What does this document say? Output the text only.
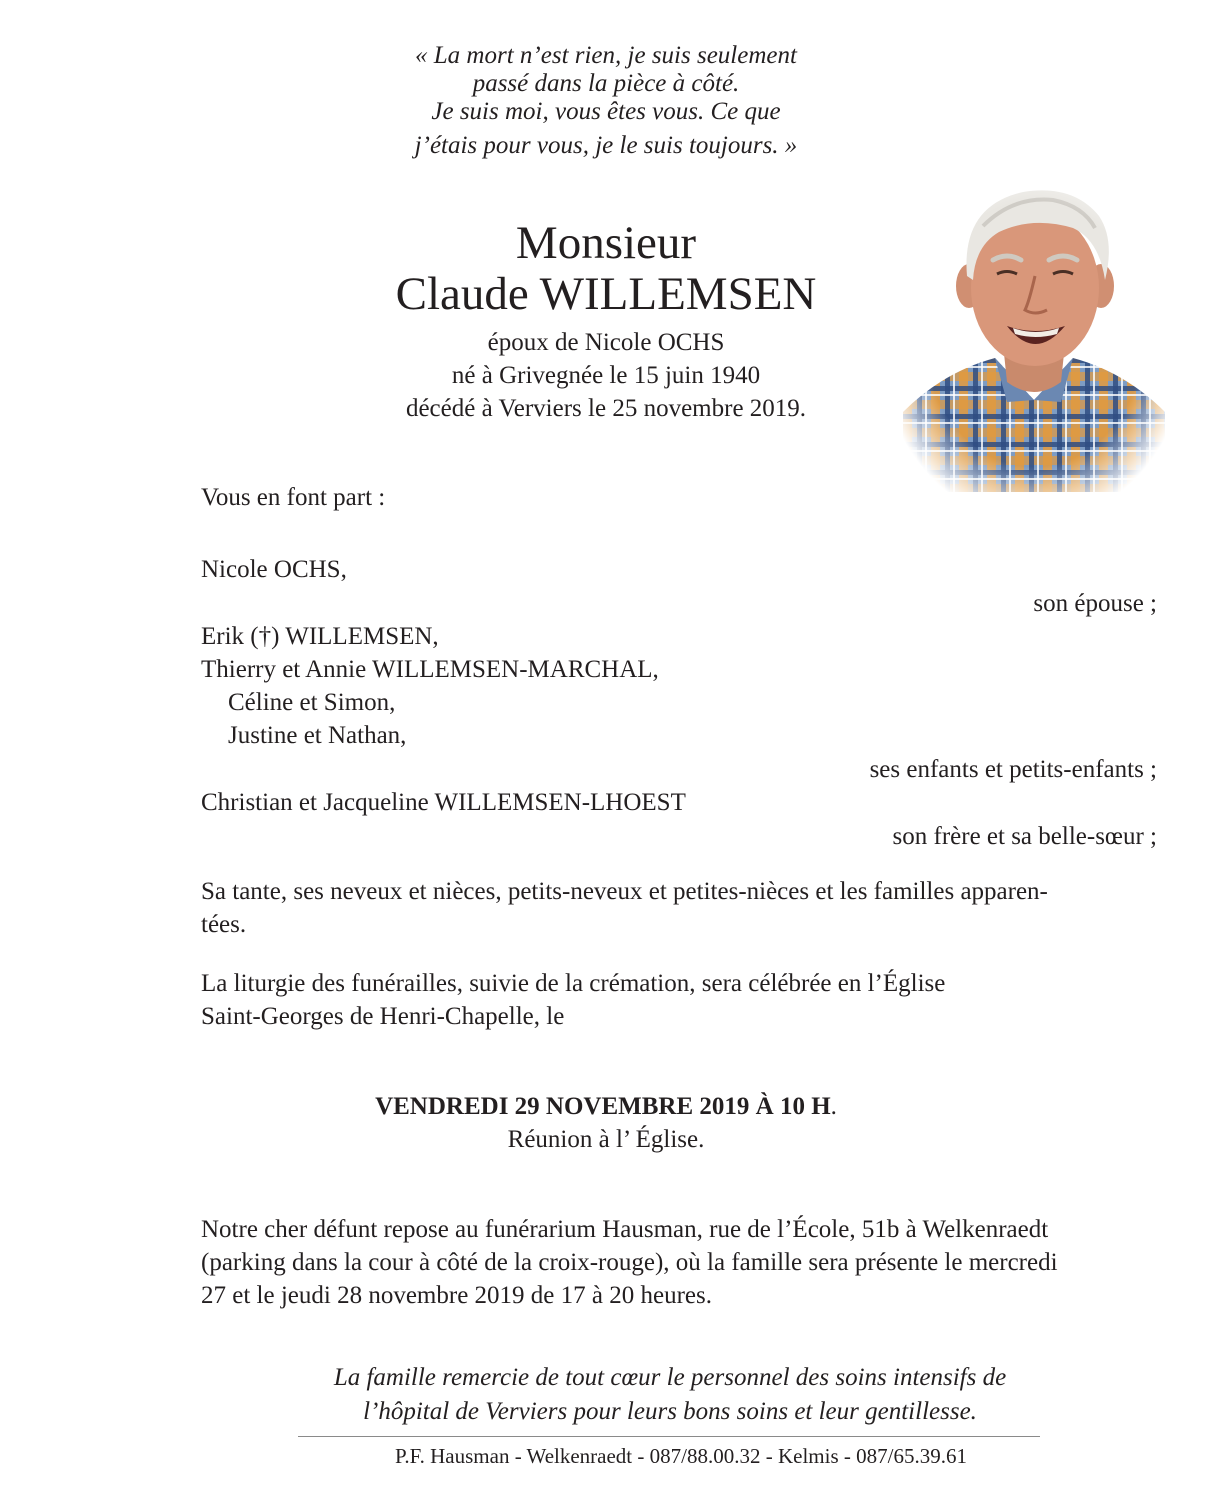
« La mort n’est rien, je suis seulement
passé dans la pièce à côté.
Je suis moi, vous êtes vous. Ce que
j’étais pour vous, je le suis toujours. »
Monsieur
Claude WILLEMSEN
époux de Nicole OCHS
né à Grivegnée le 15 juin 1940
décédé à Verviers le 25 novembre 2019.
Vous en font part :
Nicole OCHS,
son épouse ;
Erik (†) WILLEMSEN,
Thierry et Annie WILLEMSEN-MARCHAL,
Céline et Simon,
Justine et Nathan,
ses enfants et petits-enfants ;
Christian et Jacqueline WILLEMSEN-LHOEST
son frère et sa belle-sœur ;
Sa tante, ses neveux et nièces, petits-neveux et petites-nièces et les familles apparen-
tées.
La liturgie des funérailles, suivie de la crémation, sera célébrée en l’Église
Saint-Georges de Henri-Chapelle, le
VENDREDI 29 NOVEMBRE 2019 À 10 H.
Réunion à l’ Église.
Notre cher défunt repose au funérarium Hausman, rue de l’École, 51b à Welkenraedt
(parking dans la cour à côté de la croix-rouge), où la famille sera présente le mercredi
27 et le jeudi 28 novembre 2019 de 17 à 20 heures.
La famille remercie de tout cœur le personnel des soins intensifs de
l’hôpital de Verviers pour leurs bons soins et leur gentillesse.
P.F. Hausman - Welkenraedt - 087/88.00.32 - Kelmis - 087/65.39.61
